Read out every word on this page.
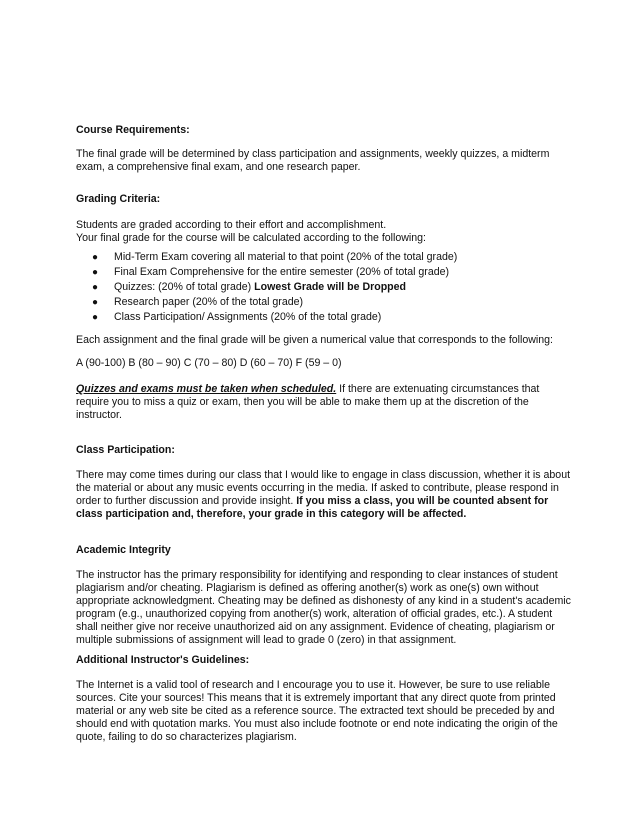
Course Requirements:
The final grade will be determined by class participation and assignments, weekly quizzes, a midterm
exam, a comprehensive final exam, and one research paper.
Grading Criteria:
Students are graded according to their effort and accomplishment.
Your final grade for the course will be calculated according to the following:
● Mid-Term Exam covering all material to that point (20% of the total grade)
● Final Exam Comprehensive for the entire semester (20% of total grade)
● Quizzes: (20% of total grade) Lowest Grade will be Dropped
● Research paper (20% of the total grade)
● Class Participation/ Assignments (20% of the total grade)
Each assignment and the final grade will be given a numerical value that corresponds to the following:
A (90-100) B (80 – 90) C (70 – 80) D (60 – 70) F (59 – 0)
Quizzes and exams must be taken when scheduled. If there are extenuating circumstances that
require you to miss a quiz or exam, then you will be able to make them up at the discretion of the
instructor.
Class Participation:
There may come times during our class that I would like to engage in class discussion, whether it is about
the material or about any music events occurring in the media. If asked to contribute, please respond in
order to further discussion and provide insight. If you miss a class, you will be counted absent for
class participation and, therefore, your grade in this category will be affected.
Academic Integrity
The instructor has the primary responsibility for identifying and responding to clear instances of student
plagiarism and/or cheating. Plagiarism is defined as offering another(s) work as one(s) own without
appropriate acknowledgment. Cheating may be defined as dishonesty of any kind in a student's academic
program (e.g., unauthorized copying from another(s) work, alteration of official grades, etc.). A student
shall neither give nor receive unauthorized aid on any assignment. Evidence of cheating, plagiarism or
multiple submissions of assignment will lead to grade 0 (zero) in that assignment.
Additional Instructor's Guidelines:
The Internet is a valid tool of research and I encourage you to use it. However, be sure to use reliable
sources. Cite your sources! This means that it is extremely important that any direct quote from printed
material or any web site be cited as a reference source. The extracted text should be preceded by and
should end with quotation marks. You must also include footnote or end note indicating the origin of the
quote, failing to do so characterizes plagiarism.
